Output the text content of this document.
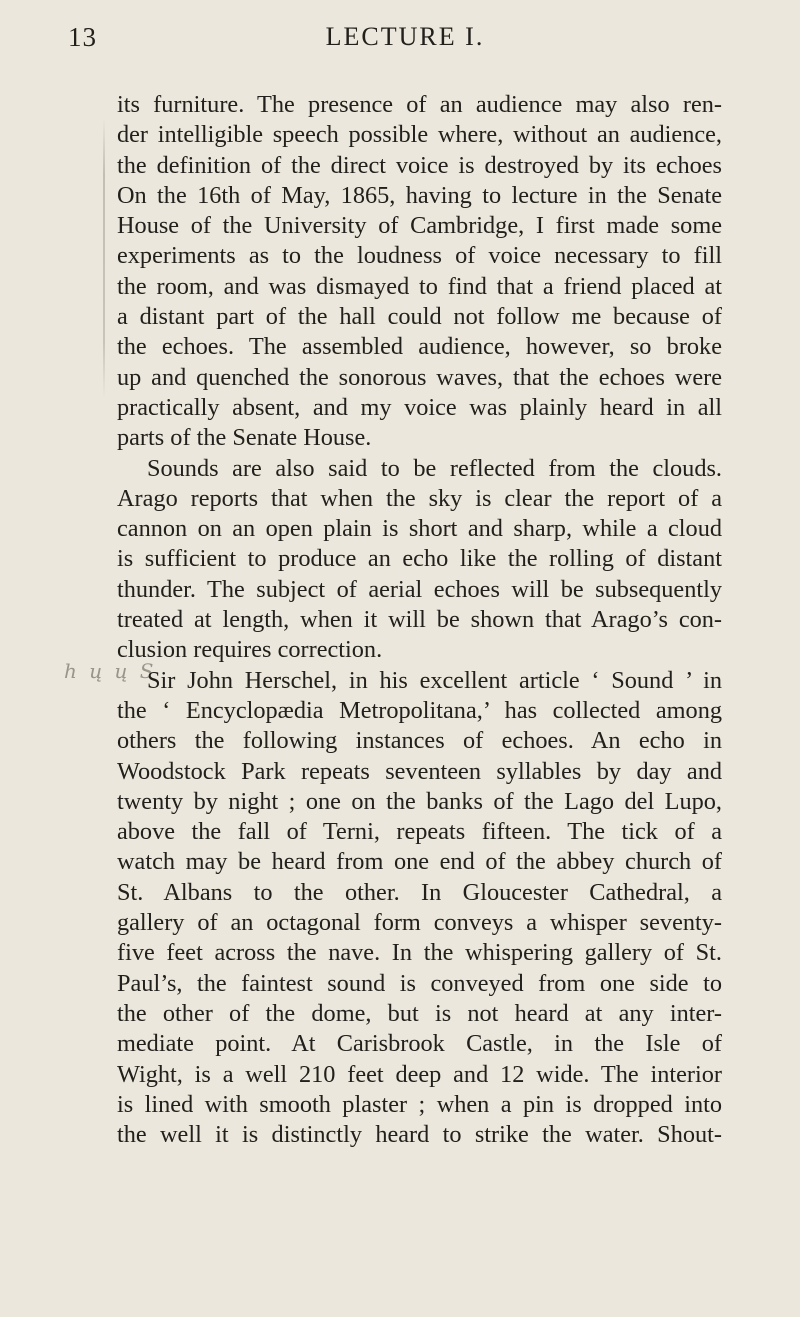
13	LECTURE I.
h ų ų S
its furniture. The presence of an audience may also ren-
der intelligible speech possible where, without an audience,
the definition of the direct voice is destroyed by its echoes
On the 16th of May, 1865, having to lecture in the Senate
House of the University of Cambridge, I first made some
experiments as to the loudness of voice necessary to fill
the room, and was dismayed to find that a friend placed at
a distant part of the hall could not follow me because of
the echoes. The assembled audience, however, so broke
up and quenched the sonorous waves, that the echoes were
practically absent, and my voice was plainly heard in all
parts of the Senate House.
Sounds are also said to be reflected from the clouds.
Arago reports that when the sky is clear the report of a
cannon on an open plain is short and sharp, while a cloud
is sufficient to produce an echo like the rolling of distant
thunder. The subject of aerial echoes will be subsequently
treated at length, when it will be shown that Arago’s con-
clusion requires correction.
Sir John Herschel, in his excellent article ‘ Sound ’ in
the ‘ Encyclopædia Metropolitana,’ has collected among
others the following instances of echoes. An echo in
Woodstock Park repeats seventeen syllables by day and
twenty by night ; one on the banks of the Lago del Lupo,
above the fall of Terni, repeats fifteen. The tick of a
watch may be heard from one end of the abbey church of
St. Albans to the other. In Gloucester Cathedral, a
gallery of an octagonal form conveys a whisper seventy-
five feet across the nave. In the whispering gallery of St.
Paul’s, the faintest sound is conveyed from one side to
the other of the dome, but is not heard at any inter-
mediate point. At Carisbrook Castle, in the Isle of
Wight, is a well 210 feet deep and 12 wide. The interior
is lined with smooth plaster ; when a pin is dropped into
the well it is distinctly heard to strike the water. Shout-
